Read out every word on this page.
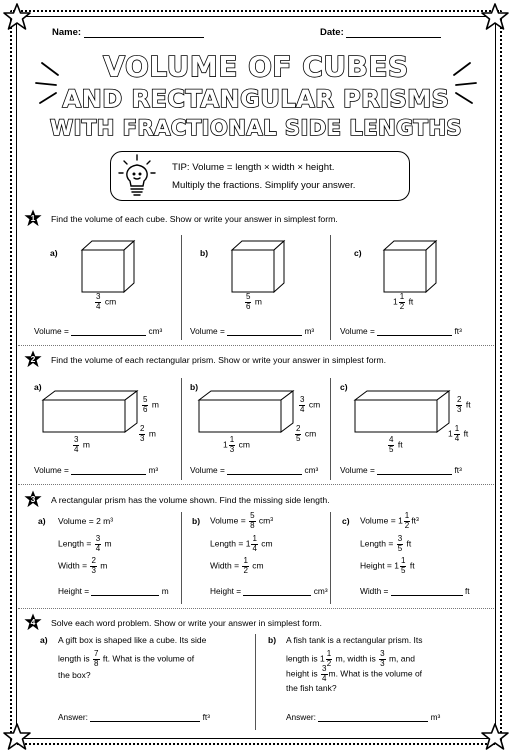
Name:	Date:
VOLUME OF CUBES
AND RECTANGULAR PRISMS
WITH FRACTIONAL SIDE LENGTHS
TIP: Volume = length × width × height.
Multiply the fractions. Simplify your answer.
1	Find the volume of each cube. Show or write your answer in simplest form.
a)
$\frac{3}{4}$ cm
Volume =	cm³
b)
$\frac{5}{6}$ m
Volume =	m³
c)
$1 \frac{1}{2}$ ft
Volume =	ft³
2	Find the volume of each rectangular prism. Show or write your answer in simplest form.
a)
$\frac{5}{6}$ m
$\frac{2}{3}$ m
$\frac{3}{4}$ m
Volume =	m³
b)
$\frac{3}{4}$ cm
$\frac{2}{5}$ cm
$1 \frac{1}{3}$ cm
Volume =	cm³
c)
$\frac{2}{3}$ ft
$1 \frac{1}{4}$ ft
$\frac{4}{5}$ ft
Volume =	ft³
3	A rectangular prism has the volume shown. Find the missing side length.
a) Volume = 2 m³
Length = $\frac{3}{4}$ m
Width = $\frac{2}{3}$ m
Height =	m
b) Volume = $\frac{5}{8} cm^3$
Length = $1 \frac{1}{4}$ cm
Width = $\frac{1}{2}$ cm
Height =	cm³
c) Volume = $1 \frac{1}{2} ft^3$
Length = $\frac{3}{5}$ ft
Height = $1 \frac{1}{5}$ ft
Width =	ft
4	Solve each word problem. Show or write your answer in simplest form.
a) A gift box is shaped like a cube. Its side
length is $\frac{7}{8}$ ft. What is the volume of
the box?
Answer:	ft³
b) A fish tank is a rectangular prism. Its
length is $1 \frac{1}{2} m$, width is $\frac{3}{3} m$, and
height is $\frac{3}{4} m$. What is the volume of
the fish tank?
Answer:	m³
